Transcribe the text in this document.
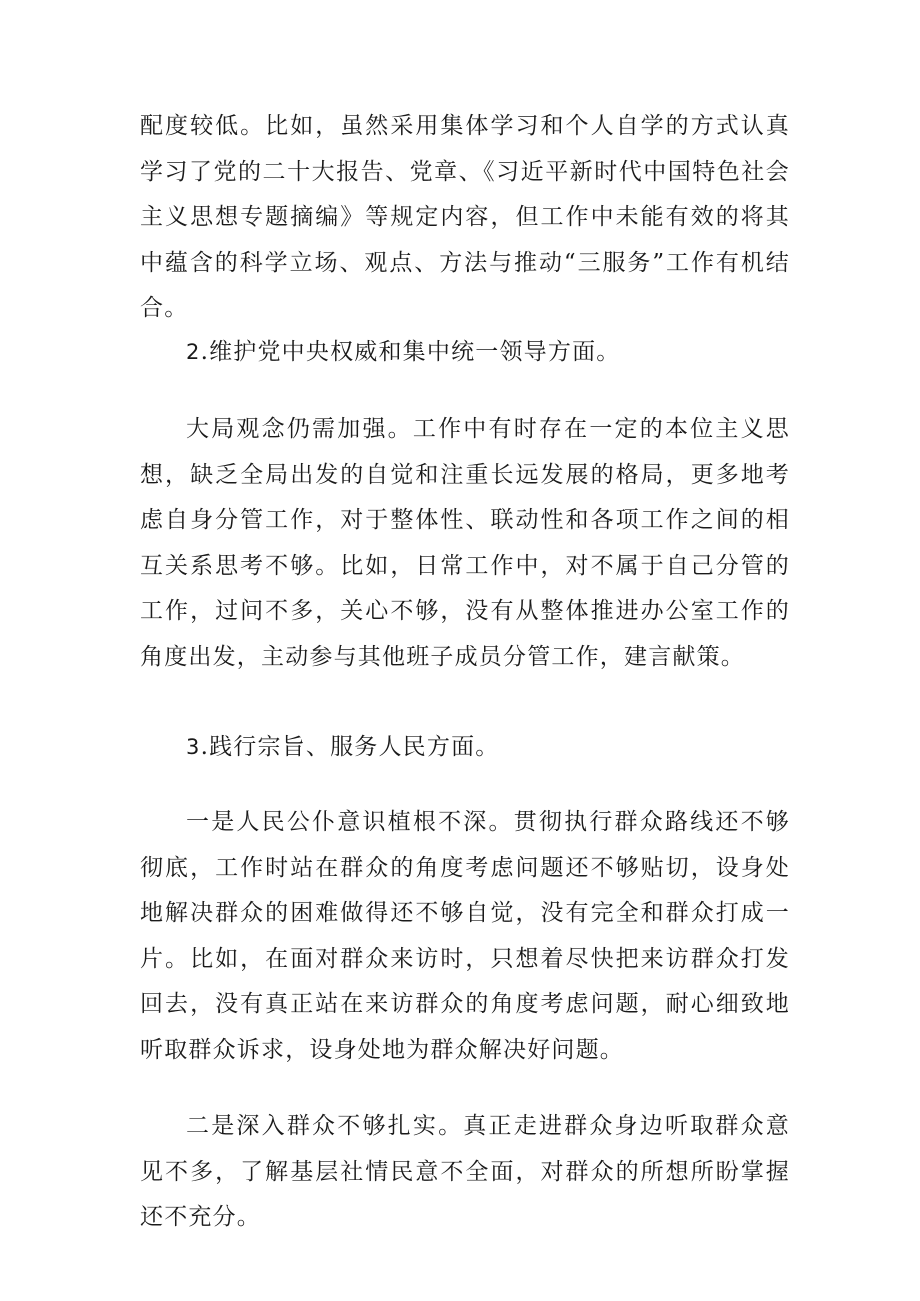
配度较低。比如，虽然采用集体学习和个人自学的方式认真学习了党的二十大报告、党章、《习近平新时代中国特色社会主义思想专题摘编》等规定内容，但工作中未能有效的将其中蕴含的科学立场、观点、方法与推动“三服务”工作有机结合。

2.维护党中央权威和集中统一领导方面。

大局观念仍需加强。工作中有时存在一定的本位主义思想，缺乏全局出发的自觉和注重长远发展的格局，更多地考虑自身分管工作，对于整体性、联动性和各项工作之间的相互关系思考不够。比如，日常工作中，对不属于自己分管的工作，过问不多，关心不够，没有从整体推进办公室工作的角度出发，主动参与其他班子成员分管工作，建言献策。

3.践行宗旨、服务人民方面。

一是人民公仆意识植根不深。贯彻执行群众路线还不够彻底，工作时站在群众的角度考虑问题还不够贴切，设身处地解决群众的困难做得还不够自觉，没有完全和群众打成一片。比如，在面对群众来访时，只想着尽快把来访群众打发回去，没有真正站在来访群众的角度考虑问题，耐心细致地听取群众诉求，设身处地为群众解决好问题。

二是深入群众不够扎实。真正走进群众身边听取群众意见不多，了解基层社情民意不全面，对群众的所想所盼掌握还不充分。
